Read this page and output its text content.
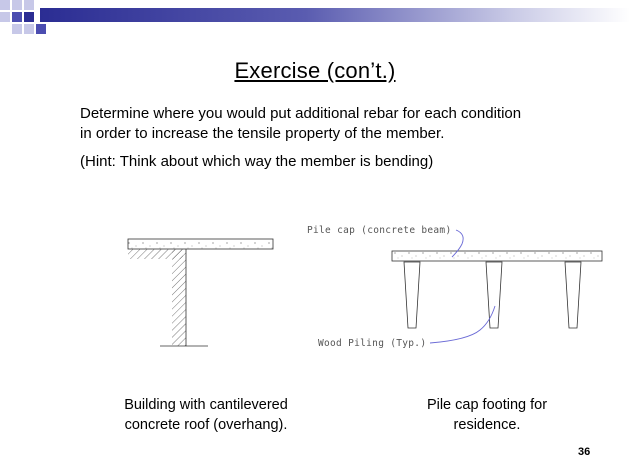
Exercise (con’t.)
Determine where you would put additional rebar for each condition
in order to increase the tensile property of the member.
(Hint: Think about which way the member is bending)
Pile cap (concrete beam)
Wood Piling (Typ.)
Building with cantilevered
concrete roof (overhang).
Pile cap footing for
residence.
36
